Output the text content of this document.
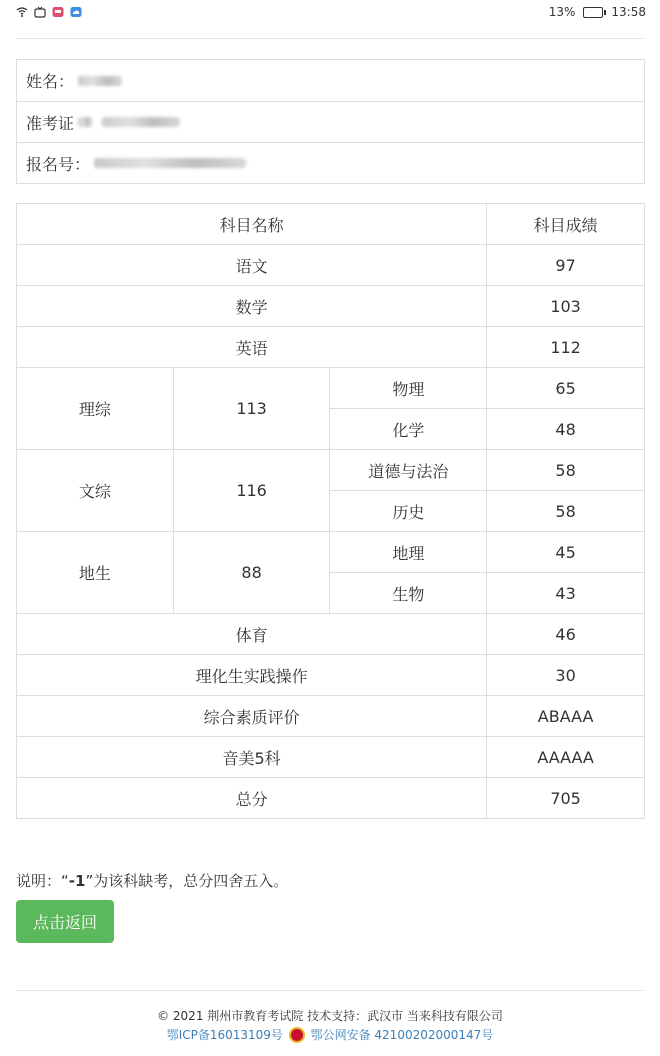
13%	13:58
姓名：
准考证
报名号：
科目名称			科目成绩
语文			97
数学			103
英语			112
理综	113	物理	65
		化学	48
文综	116	道德与法治	58
		历史	58
地生	88	地理	45
		生物	43
体育			46
理化生实践操作			30
综合素质评价			ABAAA
音美5科			AAAAA
总分			705
说明：“-1”为该科缺考，总分四舍五入。
点击返回
© 2021 荆州市教育考试院 技术支持：武汉市 当来科技有限公司
鄂ICP备16013109号 鄂公网安备 42100202000147号
